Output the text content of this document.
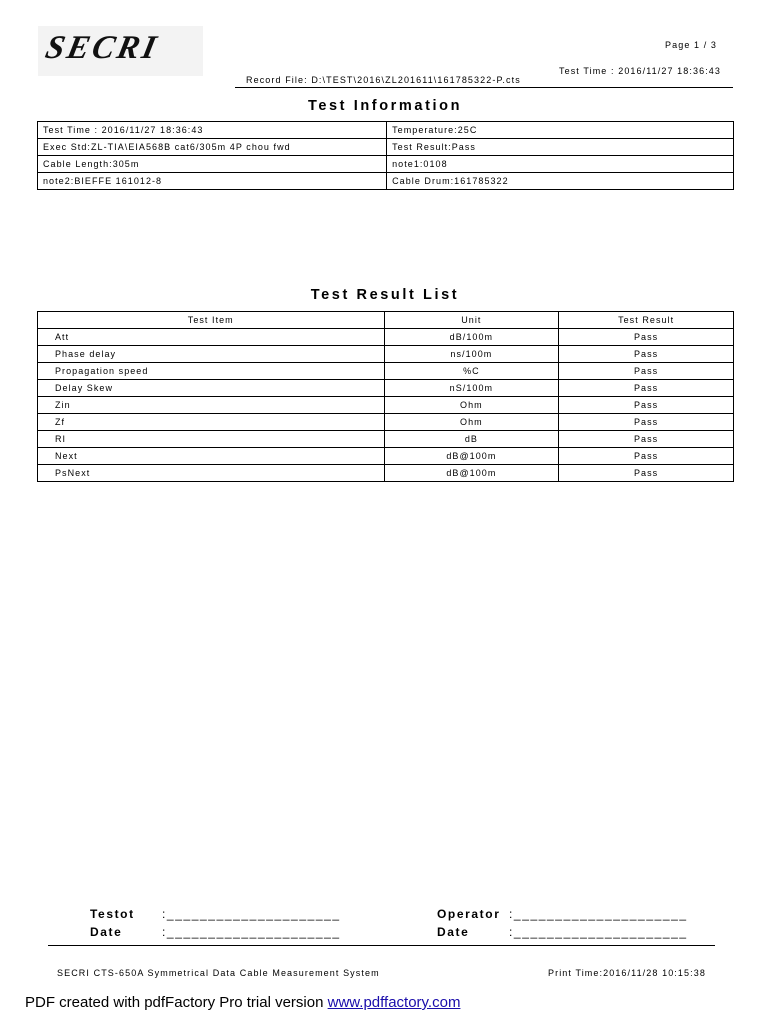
SECRI	Page 1 / 3
Test Time : 2016/11/27 18:36:43
Record File: D:\TEST\2016\ZL201611\161785322-P.cts
Test Information
Test Time : 2016/11/27 18:36:43	Temperature:25C
Exec Std:ZL-TIA\EIA568B cat6/305m 4P chou fwd	Test Result:Pass
Cable Length:305m	note1:0108
note2:BIEFFE 161012-8	Cable Drum:161785322
Test Result List
Test Item	Unit	Test Result
Att	dB/100m	Pass
Phase delay	ns/100m	Pass
Propagation speed	%C	Pass
Delay Skew	nS/100m	Pass
Zin	Ohm	Pass
Zf	Ohm	Pass
RI	dB	Pass
Next	dB@100m	Pass
PsNext	dB@100m	Pass
Testot :_____________________
Date	:_____________________
Operator :_____________________
Date	:_____________________
SECRI CTS-650A Symmetrical Data Cable Measurement System	Print Time:2016/11/28 10:15:38
PDF created with pdfFactory Pro trial version www.pdffactory.com
